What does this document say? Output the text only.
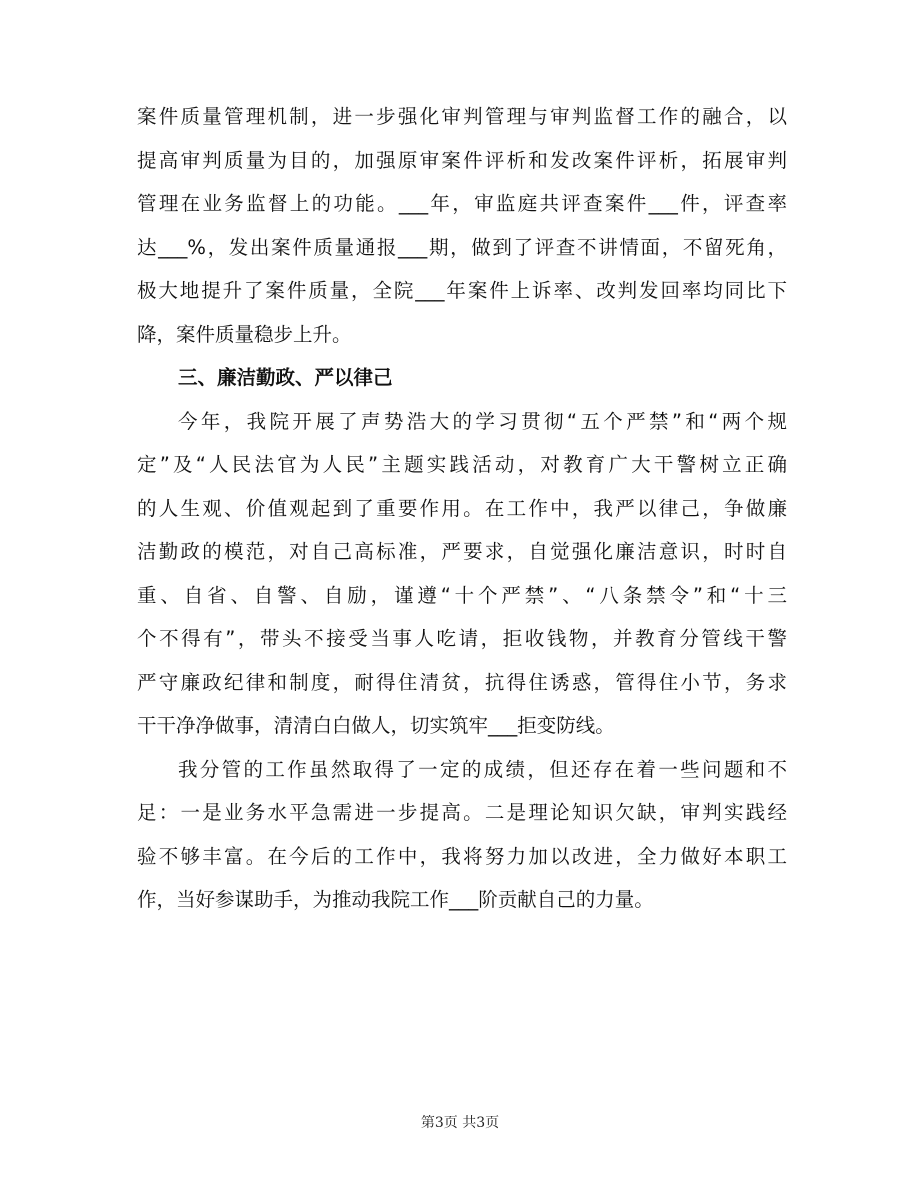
案件质量管理机制，进一步强化审判管理与审判监督工作的融合，以
提高审判质量为目的，加强原审案件评析和发改案件评析，拓展审判
管理在业务监督上的功能。___年，审监庭共评查案件___件，评查率
达___%，发出案件质量通报___期，做到了评查不讲情面，不留死角，
极大地提升了案件质量，全院___年案件上诉率、改判发回率均同比下
降，案件质量稳步上升。
三、廉洁勤政、严以律己
今年，我院开展了声势浩大的学习贯彻“五个严禁”和“两个规
定”及“人民法官为人民”主题实践活动，对教育广大干警树立正确
的人生观、价值观起到了重要作用。在工作中，我严以律己，争做廉
洁勤政的模范，对自己高标准，严要求，自觉强化廉洁意识，时时自
重、自省、自警、自励，谨遵“十个严禁”、“八条禁令”和“十三
个不得有”，带头不接受当事人吃请，拒收钱物，并教育分管线干警
严守廉政纪律和制度，耐得住清贫，抗得住诱惑，管得住小节，务求
干干净净做事，清清白白做人，切实筑牢___拒变防线。
我分管的工作虽然取得了一定的成绩，但还存在着一些问题和不
足：一是业务水平急需进一步提高。二是理论知识欠缺，审判实践经
验不够丰富。在今后的工作中，我将努力加以改进，全力做好本职工
作，当好参谋助手，为推动我院工作___阶贡献自己的力量。
第3页 共3页
